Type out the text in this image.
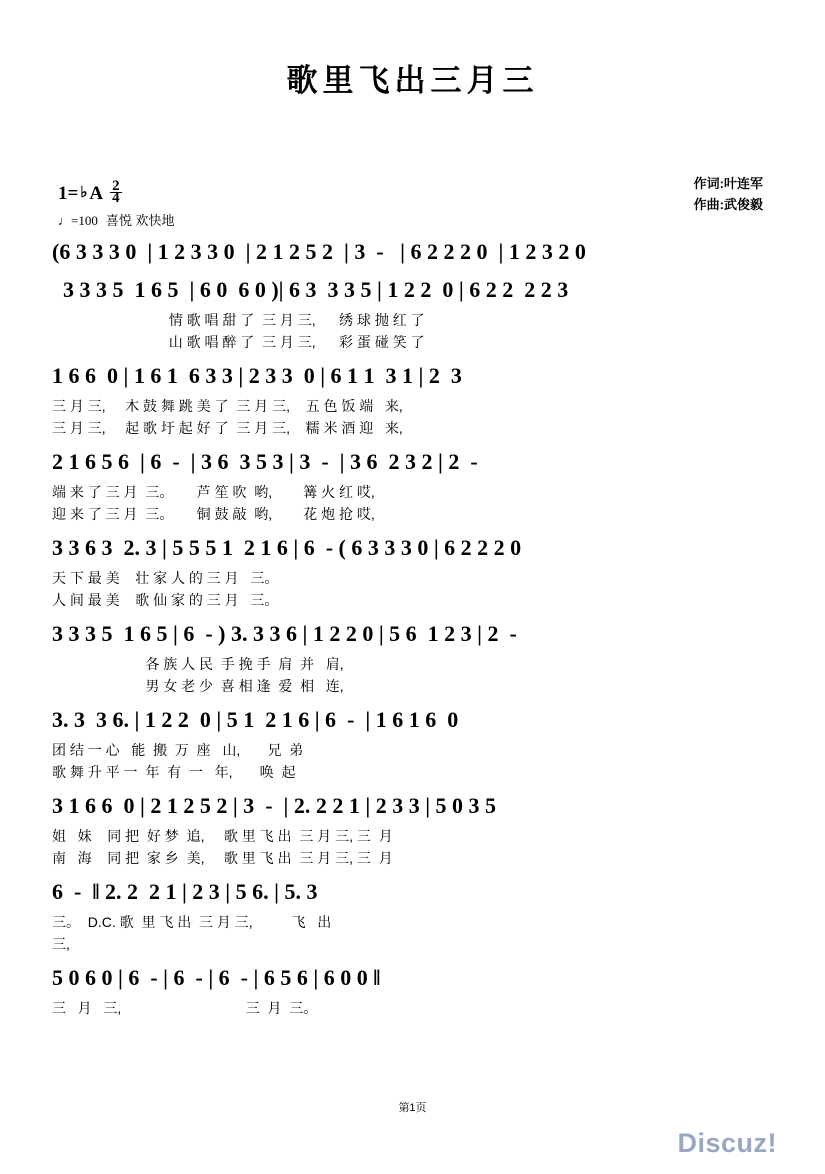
歌里飞出三月三
作词:叶连军
作曲:武俊毅
1= ♭ A $\frac{2}{4}$
♩=100 喜悦 欢快地
(6 3 3 3 0  | 1 2 3 3 0  | 2 1 2 5 2  | 3  -   | 6 2 2 2 0  | 1 2 3 2 0
3 3 3 5  1 6 5  | 6 0  6 0 )| 6 3  3 3 5 | 1 2 2  0 | 6 2 2  2 2 3
情 歌 唱 甜 了  三 月 三,      绣 球 抛 红 了
山 歌 唱 醉 了  三 月 三,      彩 蛋 碰 笑 了
1 6 6  0 | 1 6 1  6 3 3 | 2 3 3  0 | 6 1 1  3 1 | 2  3
三 月 三,     木 鼓 舞 跳 美 了  三 月 三,    五 色 饭 端   来,
三 月 三,     起 歌 圩 起 好 了  三 月 三,    糯 米 酒 迎   来,
2 1 6 5 6  | 6  -  | 3 6  3 5 3 | 3  -  | 3 6  2 3 2 | 2  -
端 来 了 三 月  三。      芦 笙 吹  哟,        篝 火 红 哎,
迎 来 了 三 月  三。      铜 鼓 敲  哟,        花 炮 抢 哎,
3 3 6 3  2. 3 | 5 5 5 1  2 1 6 | 6  - ( 6 3 3 3 0 | 6 2 2 2 0
天 下 最 美    壮 家 人 的 三 月   三。
人 间 最 美    歌 仙 家 的 三 月   三。
3 3 3 5  1 6 5 | 6  - ) 3. 3 3 6 | 1 2 2 0 | 5 6  1 2 3 | 2  -
各 族 人 民  手 挽 手  肩  并   肩,
男 女 老 少  喜 相 逢  爱  相   连,
3. 3  3 6. | 1 2 2  0 | 5 1  2 1 6 | 6  -  | 1 6 1 6  0
团 结 一 心   能  搬  万  座   山,       兄  弟
歌 舞 升 平 一  年  有  一   年,       唤  起
3 1 6 6  0 | 2 1 2 5 2 | 3  -  | 2. 2 2 1 | 2 3 3 | 5 0 3 5
姐   妹    同 把  好 梦  追,     歌 里 飞 出  三 月 三, 三  月
南   海    同 把  家 乡  美,     歌 里 飞 出  三 月 三, 三  月
6  -  ‖ 2. 2  2 1 | 2 3 | 5 6. | 5. 3
三。  D.C. 歌  里 飞 出  三 月 三,          飞   出
三,
5 0 6 0 | 6  - | 6  - | 6  - | 6 5 6 | 6 0 0 ‖
三   月   三,                                三  月  三。
第1页
Discuz!
